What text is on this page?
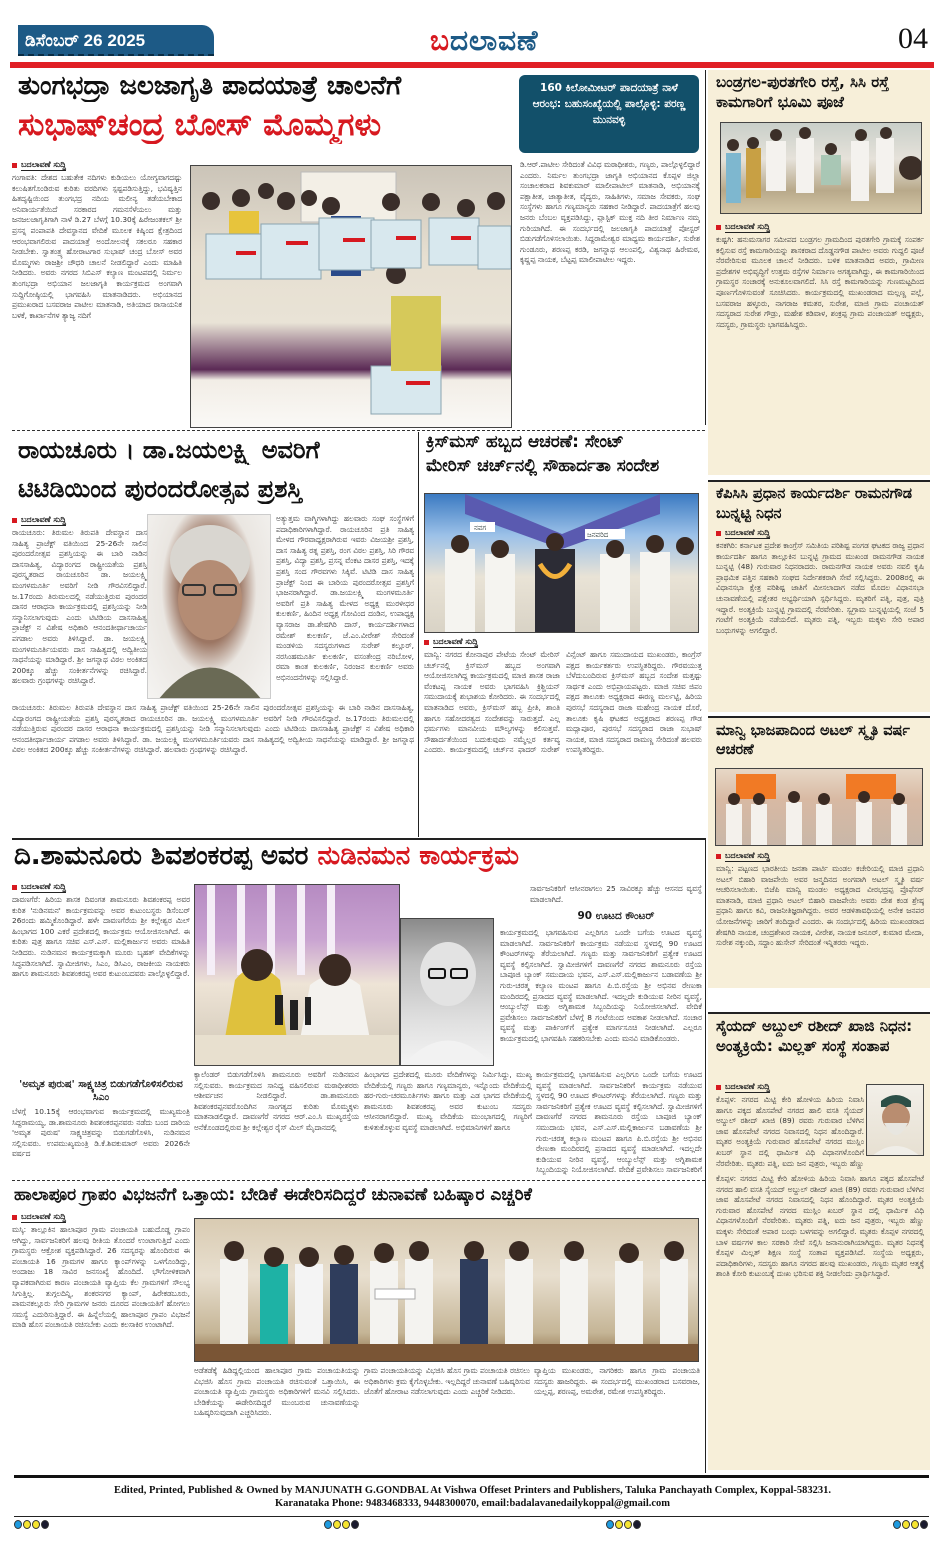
ಡಿಸೆಂಬರ್ 26 2025	ಬದಲಾವಣೆ	04
ತುಂಗಭದ್ರಾ ಜಲಜಾಗೃತಿ ಪಾದಯಾತ್ರೆ ಚಾಲನೆಗೆ
ಸುಭಾಷ್‌ಚಂದ್ರ ಬೋಸ್ ಮೊಮ್ಮಗಳು
160 ಕಿಲೋಮೀಟರ್ ಪಾದಯಾತ್ರೆ ನಾಳೆ ಆರಂಭ: ಬಹುಸಂಖ್ಯೆಯಲ್ಲಿ ಪಾಲ್ಗೊಳ್ಳಿ: ಪರಣ್ಣ ಮುನವಳ್ಳಿ
ಬದಲಾವಣೆ ಸುದ್ದಿ
ಗಂಗಾವತಿ: ದೇಶದ ಬಹುತೇಕ ನದಿಗಳು ಕುಡಿಯಲು ಯೋಗ್ಯವಾಗದಷ್ಟು ಕಲುಷಿತಗೊಂಡಿರುವ ಕುರಿತು ವರದಿಗಳು ಸ್ಪಷ್ಟಪಡಿಸುತ್ತಿದ್ದು, ಭವಿಷ್ಯತ್ತಿನ ಹಿತದೃಷ್ಟಿಯಿಂದ ತುಂಗಭದ್ರ ನದಿಯ ಮಲೀನ್ಯ ತಡೆಯಬೇಕಾದ ಅನಿವಾರ್ಯತೆಯಿದೆ ಸರಕಾರದ ಗಮನಸೆಳೆಯಲು ಮತ್ತು ಜನಜಲಜಾಗೃತಿಗಾಗಿ ನಾಳೆ ಡಿ.27 ಬೆಳಗ್ಗೆ 10.30ಕ್ಕೆ ಹಿರೇಜಂತಕಲ್ ಶ್ರೀ ಪ್ರಸನ್ನ ಪಂಪಾಪತಿ ದೇವಸ್ಥಾನದ ವೇದಿಕೆ ಮೂಲಕ ಕಿಷ್ಕಿಂದ ಕ್ಷೇತ್ರದಿಂದ ಆರಂಭವಾಗಲಿರುವ ಪಾದಯಾತ್ರೆ ಅಂದೋಲನಕ್ಕೆ ಸಕಲರೂ ಸಹಕಾರ ನೀಡಬೇಕು. ಸ್ವಾತಂತ್ರ್ಯ ಹೋರಾಟಗಾರ ಸುಭಾಷ್ ಚಂದ್ರ ಬೋಸ್ ಅವರ ಮೊಮ್ಮಗಳು ರಾಜಶ್ರೀ ಚೌಧರಿ ಚಾಲನೆ ನೀಡಲಿದ್ದಾರೆ ಎಂದು ಮಾಹಿತಿ ನೀಡಿದರು. ಅವರು ನಗರದ ಸಿಬಿಎಸ್ ಕಲ್ಯಾಣ ಮಂಟಪದಲ್ಲಿ ನಿರ್ಮಲ ತುಂಗಭದ್ರಾ ಅಭಿಯಾನ ಜಲಜಾಗೃತಿ ಕಾರ್ಯಕ್ರಮದ ಅಂಗವಾಗಿ ಸುದ್ದಿಗೋಷ್ಠಿಯಲ್ಲಿ ಭಾಗವಹಿಸಿ ಮಾತನಾಡಿದರು. ಅಭಿಯಾನದ ಪ್ರಮುಖರಾದ ಬಸವರಾಜ ಪಾಟೀಲ ಮಾತನಾಡಿ, ಅತಿಯಾದ ರಾಸಾಯನಿಕ ಬಳಕೆ, ಕಾರ್ಖಾನೆಗಳ ತ್ಯಾಜ್ಯ ನದಿಗೆ
ಡಿ.ಆರ್.ಪಾಟೀಲ ಸೇರಿದಂತೆ ವಿವಿಧ ಮಠಾಧೀಶರು, ಗಣ್ಯರು, ಪಾಲ್ಗೊಳ್ಳಲಿದ್ದಾರೆ ಎಂದರು. ನಿರ್ಮಲ ತುಂಗಭದ್ರಾ ಜಾಗೃತಿ ಅಭಿಯಾನದ ಕೊಪ್ಪಳ ಜಿಲ್ಲಾ ಸಂಚಾಲಕರಾದ ಶಿವಕುಮಾರ್ ಮಾಲೀಪಾಟೀಲ್ ಮಾತನಾಡಿ, ಅಭಿಯಾನಕ್ಕೆ ಪಕ್ಷಾತೀತ, ಜಾತ್ಯಾತೀತ, ವೈದ್ಯರು, ಸಾಹಿತಿಗಳು, ಸಮಾಜ ಸೇವಕರು, ಸಂಘ ಸಂಸ್ಥೆಗಳು ಹಾಗೂ ಗಣ್ಯಮಾನ್ಯರು ಸಹಕಾರ ನೀಡಿದ್ದಾರೆ. ಪಾದಯಾತ್ರೆಗೆ ಹಲವು ಜನರು ಬೆಂಬಲ ವ್ಯಕ್ತಪಡಿಸಿದ್ದು, ಪ್ಲಾಸ್ಟಿಕ್ ಮುಕ್ತ ನದಿ ತೀರ ನಿರ್ಮಾಣ ನಮ್ಮ ಗುರಿಯಾಗಿದೆ. ಈ ಸಂದರ್ಭದಲ್ಲಿ ಜಲಜಾಗೃತಿ ಪಾದಯಾತ್ರೆ ಪೋಸ್ಟರ್ ಬಿಡುಗಡೆಗೊಳಿಸಲಾಯಿತು. ಸಿದ್ದರಾಮೇಶ್ವರ ಮಾಧ್ಯಮ ಕಾರ್ಯದರ್ಶಿ, ಸುರೇಶ ಗುಂಡೂರು, ಶರಣಪ್ಪ ಕರಡಿ, ಜಗನ್ನಾಥ ಆಲಂಪಲ್ಲಿ, ವಿಶ್ವನಾಥ ಹಿರೇಮಠ, ಕೃಷ್ಣಪ್ಪ ನಾಯಕ, ಬೆಟ್ಟಪ್ಪ ಮಾಲೀಪಾಟೀಲ ಇದ್ದರು.
ಬಂಡ್ರಗಲ-ಪುರತಗೇರಿ ರಸ್ತೆ, ಸಿಸಿ ರಸ್ತೆ ಕಾಮಗಾರಿಗೆ ಭೂಮಿ ಪೂಜೆ
ಬದಲಾವಣೆ ಸುದ್ದಿ
ಕುಷ್ಟಗಿ: ಹನುಮಸಾಗರ ಸಮೀಪದ ಬಂಡ್ರಗಲ ಗ್ರಾಮದಿಂದ ಪುರತಗೇರಿ ಗ್ರಾಮಕ್ಕೆ ಸಂಪರ್ಕ ಕಲ್ಪಿಸುವ ರಸ್ತೆ ಕಾಮಗಾರಿಯನ್ನು ಶಾಸಕರಾದ ದೊಡ್ಡನಗೌಡ ಪಾಟೀಲ ಅವರು ಗುದ್ದಲಿ ಪೂಜೆ ನೆರವೇರಿಸುವ ಮೂಲಕ ಚಾಲನೆ ನೀಡಿದರು. ಬಳಿಕ ಮಾತನಾಡಿದ ಅವರು, ಗ್ರಾಮೀಣ ಪ್ರದೇಶಗಳ ಅಭಿವೃದ್ಧಿಗೆ ಉತ್ತಮ ರಸ್ತೆಗಳ ನಿರ್ಮಾಣ ಅಗತ್ಯವಾಗಿದ್ದು, ಈ ಕಾಮಗಾರಿಯಿಂದ ಗ್ರಾಮಸ್ಥರ ಸಂಚಾರಕ್ಕೆ ಅನುಕೂಲವಾಗಲಿದೆ. ಸಿಸಿ ರಸ್ತೆ ಕಾಮಗಾರಿಯನ್ನು ಗುಣಮಟ್ಟದಿಂದ ಪೂರ್ಣಗೊಳಿಸುವಂತೆ ಸೂಚಿಸಿದರು. ಕಾರ್ಯಕ್ರಮದಲ್ಲಿ ಮುಖಂಡರಾದ ಮಲ್ಲಣ್ಣ ಪಲ್ಲೆ, ಬಸವರಾಜ ಹಳ್ಳೂರು, ನಾಗರಾಜ ಕಮತರ, ಸುರೇಶ, ಮಾಜಿ ಗ್ರಾಮ ಪಂಚಾಯತ್ ಸದಸ್ಯರಾದ ಸುರೇಶ ಗೌಡ್ರು, ಮಹೇಶ ಕಡಿವಾಳ, ಶಂಕ್ರಪ್ಪ ಗ್ರಾಮ ಪಂಚಾಯತ್ ಅಧ್ಯಕ್ಷರು, ಸದಸ್ಯರು, ಗ್ರಾಮಸ್ಥರು ಭಾಗವಹಿಸಿದ್ದರು.
ರಾಯಚೂರು । ಡಾ.ಜಯಲಕ್ಷ್ಮಿ ಅವರಿಗೆ
ಟಿಟಿಡಿಯಿಂದ ಪುರಂದರೋತ್ಸವ ಪ್ರಶಸ್ತಿ
ಬದಲಾವಣೆ ಸುದ್ದಿ
ರಾಯಚೂರು: ತಿರುಮಲ ತಿರುಪತಿ ದೇವಸ್ಥಾನ ದಾಸ ಸಾಹಿತ್ಯ ಪ್ರಾಜೆಕ್ಟ್ ವತಿಯಿಂದ 25-26ನೇ ಸಾಲಿನ ಪುರಂದರೋತ್ಸವ ಪ್ರಶಸ್ತಿಯನ್ನು ಈ ಬಾರಿ ನಾಡಿನ ದಾಸಸಾಹಿತ್ಯ, ವಿದ್ಯಾರಂಗದ ರಾಷ್ಟ್ರೀಯತೆಯ ಪ್ರಶಸ್ತಿ ಪುರಸ್ಕೃತರಾದ ರಾಯಚೂರಿನ ಡಾ. ಜಯಲಕ್ಷ್ಮಿ ಮಂಗಳಮೂರ್ತಿ ಅವರಿಗೆ ನೀಡಿ ಗೌರವಿಸಲಿದ್ದಾರೆ. ಜ.17ರಂದು ತಿರುಮಲದಲ್ಲಿ ನಡೆಯುತ್ತಿರುವ ಪುರಂದರ ದಾಸರ ಆರಾಧನಾ ಕಾರ್ಯಕ್ರಮದಲ್ಲಿ ಪ್ರಶಸ್ತಿಯನ್ನು ನೀಡಿ ಸನ್ಮಾನಿಸಲಾಗುವುದು ಎಂದು ಟಿಟಿಡಿಯ ದಾಸಸಾಹಿತ್ಯ ಪ್ರಾಜೆಕ್ಟ್ ನ ವಿಶೇಷ ಅಧಿಕಾರಿ ಆನಂದತೀರ್ಥಾಚಾರ್ಯ ಪಗಡಾಲ ಅವರು ತಿಳಿಸಿದ್ದಾರೆ. ಡಾ. ಜಯಲಕ್ಷ್ಮಿ ಮಂಗಳಮೂರ್ತಿಯವರು ದಾಸ ಸಾಹಿತ್ಯದಲ್ಲಿ ಅದ್ವಿತೀಯ ಸಾಧನೆಯನ್ನು ಮಾಡಿದ್ದಾರೆ. ಶ್ರೀ ಜಗನ್ನಾಥ ವಿಠಲ ಅಂಕಿತದ 200ಕ್ಕೂ ಹೆಚ್ಚು ಸಂಕೀರ್ತನೆಗಳನ್ನು ರಚಿಸಿದ್ದಾರೆ. ಹಲವಾರು ಗ್ರಂಥಗಳನ್ನು ರಚಿಸಿದ್ದಾರೆ.
ಅತ್ಯುತ್ತಮ ವಾಗ್ಮಿಗಳಾಗಿದ್ದು ಹಲವಾರು ಸಂಘ ಸಂಸ್ಥೆಗಳಿಗೆ ಪದಾಧಿಕಾರಿಗಳಾಗಿದ್ದಾರೆ. ರಾಯಚೂರಿನ ಪ್ರತಿ ಸಾಹಿತ್ಯ ಮೇಳದ ಗೌರವಾಧ್ಯಕ್ಷರಾಗಿರುವ ಇವರು ವಿಜಯಶ್ರೀ ಪ್ರಶಸ್ತಿ, ದಾಸ ಸಾಹಿತ್ಯ ರತ್ನ ಪ್ರಶಸ್ತಿ, ರಂಗ ವಿಠಲ ಪ್ರಶಸ್ತಿ, ಸಿರಿ ಗೌರವ ಪ್ರಶಸ್ತಿ, ವಿದ್ಯಾ ಪ್ರಶಸ್ತಿ, ಪ್ರಸನ್ನ ವೆಂಕಟ ದಾಸರ ಪ್ರಶಸ್ತಿ, ಇದಕ್ಕೆ ಪ್ರಶಸ್ತಿ ಸಂದ ಗೌರವಗಳು ಸಿಕ್ಕಿವೆ. ಟಿಟಿಡಿ ದಾಸ ಸಾಹಿತ್ಯ ಪ್ರಾಜೆಕ್ಟ್ ನಿಂದ ಈ ಬಾರಿಯ ಪುರಂದರೋತ್ಸವ ಪ್ರಶಸ್ತಿಗೆ ಭಾಜನರಾಗಿದ್ದಾರೆ. ಡಾ.ಜಯಲಕ್ಷ್ಮಿ ಮಂಗಳಮೂರ್ತಿ ಅವರಿಗೆ ಪ್ರತಿ ಸಾಹಿತ್ಯ ಮೇಳದ ಅಧ್ಯಕ್ಷ ಮುರಳೀಧರ ಕುಲಕರ್ಣಿ, ಹಿಂದಿನ ಅಧ್ಯಕ್ಷ ಗೋವಿಂದ ದಂಡಿನ, ಉಪಾಧ್ಯಕ್ಷ ವ್ಯಾಸರಾಜ ಡಾ.ಶೇಷಗಿರಿ ದಾಸ್, ಕಾರ್ಯದರ್ಶಿಗಳಾದ ರಮೇಶ್ ಕುಲಕರ್ಣಿ, ಜೆ.ಎಂ.ವೀರೇಶ್ ಸೇರಿದಂತೆ ಮಂಡಳಿಯ ಸದಸ್ಯರುಗಳಾದ ಸುರೇಶ್ ಕಲ್ಲೂರ್, ನರಸಿಂಹಮೂರ್ತಿ ಕುಲಕರ್ಣಿ, ವಸಂತೇಂದ್ರ ನರಿಬೋಳ, ರಮಾ ಕಾಂತ ಕುಲಕರ್ಣಿ, ನಿರಂಜನ ಕುಲಕರ್ಣಿ ಅವರು ಅಭಿನಂದನೆಗಳನ್ನು ಸಲ್ಲಿಸಿದ್ದಾರೆ.
ರಾಯಚೂರು: ತಿರುಮಲ ತಿರುಪತಿ ದೇವಸ್ಥಾನ ದಾಸ ಸಾಹಿತ್ಯ ಪ್ರಾಜೆಕ್ಟ್ ವತಿಯಿಂದ 25-26ನೇ ಸಾಲಿನ ಪುರಂದರೋತ್ಸವ ಪ್ರಶಸ್ತಿಯನ್ನು ಈ ಬಾರಿ ನಾಡಿನ ದಾಸಸಾಹಿತ್ಯ, ವಿದ್ಯಾರಂಗದ ರಾಷ್ಟ್ರೀಯತೆಯ ಪ್ರಶಸ್ತಿ ಪುರಸ್ಕೃತರಾದ ರಾಯಚೂರಿನ ಡಾ. ಜಯಲಕ್ಷ್ಮಿ ಮಂಗಳಮೂರ್ತಿ ಅವರಿಗೆ ನೀಡಿ ಗೌರವಿಸಲಿದ್ದಾರೆ. ಜ.17ರಂದು ತಿರುಮಲದಲ್ಲಿ ನಡೆಯುತ್ತಿರುವ ಪುರಂದರ ದಾಸರ ಆರಾಧನಾ ಕಾರ್ಯಕ್ರಮದಲ್ಲಿ ಪ್ರಶಸ್ತಿಯನ್ನು ನೀಡಿ ಸನ್ಮಾನಿಸಲಾಗುವುದು ಎಂದು ಟಿಟಿಡಿಯ ದಾಸಸಾಹಿತ್ಯ ಪ್ರಾಜೆಕ್ಟ್ ನ ವಿಶೇಷ ಅಧಿಕಾರಿ ಆನಂದತೀರ್ಥಾಚಾರ್ಯ ಪಗಡಾಲ ಅವರು ತಿಳಿಸಿದ್ದಾರೆ. ಡಾ. ಜಯಲಕ್ಷ್ಮಿ ಮಂಗಳಮೂರ್ತಿಯವರು ದಾಸ ಸಾಹಿತ್ಯದಲ್ಲಿ ಅದ್ವಿತೀಯ ಸಾಧನೆಯನ್ನು ಮಾಡಿದ್ದಾರೆ. ಶ್ರೀ ಜಗನ್ನಾಥ ವಿಠಲ ಅಂಕಿತದ 200ಕ್ಕೂ ಹೆಚ್ಚು ಸಂಕೀರ್ತನೆಗಳನ್ನು ರಚಿಸಿದ್ದಾರೆ. ಹಲವಾರು ಗ್ರಂಥಗಳನ್ನು ರಚಿಸಿದ್ದಾರೆ.
ಕ್ರಿಸ್‌ಮಸ್ ಹಬ್ಬದ ಆಚರಣೆ: ಸೇಂಟ್
ಮೇರಿಸ್ ಚರ್ಚ್‌ನಲ್ಲಿ ಸೌಹಾರ್ದತಾ ಸಂದೇಶ
ನವಗ
ಜನವರಿದ
ಬದಲಾವಣೆ ಸುದ್ದಿ
ಮಾನ್ವಿ: ನಗರದ ಕೋನಾಪುರ ಪೇಟೆಯ ಸೇಂಟ್ ಮೇರಿಸ್ ಚರ್ಚ್‌ನಲ್ಲಿ ಕ್ರಿಸ್‌ಮಸ್ ಹಬ್ಬದ ಅಂಗವಾಗಿ ಆಯೋಜಿಸಲಾಗಿದ್ದ ಕಾರ್ಯಕ್ರಮದಲ್ಲಿ ಮಾಜಿ ಶಾಸಕ ರಾಜಾ ವೆಂಕಟಪ್ಪ ನಾಯಕ ಅವರು ಭಾಗವಹಿಸಿ ಕ್ರಿಶ್ಚಿಯನ್ ಸಮುದಾಯಕ್ಕೆ ಶುಭಾಶಯ ಕೋರಿದರು. ಈ ಸಂದರ್ಭದಲ್ಲಿ ಮಾತನಾಡಿದ ಅವರು, ಕ್ರಿಸ್‌ಮಸ್ ಹಬ್ಬ ಪ್ರೀತಿ, ಶಾಂತಿ ಹಾಗೂ ಸಹೋದರತ್ವದ ಸಂದೇಶವನ್ನು ಸಾರುತ್ತದೆ. ಎಲ್ಲ ಧರ್ಮಗಳು ಮಾನವೀಯ ಮೌಲ್ಯಗಳನ್ನು ಕಲಿಸುತ್ತವೆ. ಸೌಹಾರ್ದತೆಯಿಂದ ಬದುಕುವುದು ನಮ್ಮೆಲ್ಲರ ಕರ್ತವ್ಯ ಎಂದರು. ಕಾರ್ಯಕ್ರಮದಲ್ಲಿ ಚರ್ಚ್‌ನ ಫಾದರ್ ಸುರೇಶ್ ವಿನ್ಸೆಂಟ್ ಹಾಗೂ ಸಮುದಾಯದ ಮುಖಂಡರು, ಕಾಂಗ್ರೆಸ್ ಪಕ್ಷದ ಕಾರ್ಯಕರ್ತರು ಉಪಸ್ಥಿತರಿದ್ದರು. ಗೌರವಯುತ್ತ ಬೆಳೆದುಬಂದಿರುವ ಕ್ರಿಸ್‌ಮಸ್ ಹಬ್ಬದ ಸಂದೇಶ ಮತ್ತಷ್ಟು ಸಾರ್ಥಕ ಎಂದು ಅಭಿಪ್ರಾಯಪಟ್ಟರು. ಮಾಜಿ ಸಚಿವ ಜಿಪಂ ಪಕ್ಷದ ತಾಲೂಕು ಅಧ್ಯಕ್ಷರಾದ ಈರಣ್ಣ ಮರ್ಲಟ್ಟಿ, ಹಿರಿಯ ಪುರಸಭೆ ಸದಸ್ಯರಾದ ರಾಜಾ ಮಹೇಂದ್ರ ನಾಯಕ ದೊರೆ, ತಾಲೂಕು ಕೃಷಿ ಘಟಕದ ಅಧ್ಯಕ್ಷರಾದ ಶರಣಪ್ಪ ಗೌಡ ಮದ್ಲಾಪೂರ, ಪುರಸಭೆ ಸದಸ್ಯರಾದ ರಾಜಾ ಸುಭಾಷ್ ನಾಯಕ, ಮಾಜಿ ಸದಸ್ಯರಾದ ರಾಮಣ್ಣ ಸೇರಿದಂತೆ ಹಲವರು ಉಪಸ್ಥಿತರಿದ್ದರು.
ಕೆಪಿಸಿಸಿ ಪ್ರಧಾನ ಕಾರ್ಯದರ್ಶಿ ರಾಮನಗೌಡ ಬುನ್ನಟ್ಟಿ ನಿಧನ
ಬದಲಾವಣೆ ಸುದ್ದಿ
ಕನಕಗಿರಿ: ಕರ್ನಾಟಕ ಪ್ರದೇಶ ಕಾಂಗ್ರೆಸ್ ಸಮಿತಿಯ ಪರಿಶಿಷ್ಟ ಪಂಗಡ ಘಟಕದ ರಾಜ್ಯ ಪ್ರಧಾನ ಕಾರ್ಯದರ್ಶಿ ಹಾಗೂ ತಾಲ್ಲೂಕಿನ ಬುನ್ನಟ್ಟಿ ಗ್ರಾಮದ ಮುಖಂಡ ರಾಮನಗೌಡ ನಾಯಕ ಬುನ್ನಟ್ಟಿ (48) ಗುರುವಾರ ನಿಧನರಾದರು. ರಾಮನಗೌಡ ನಾಯಕ ಅವರು ನವಲಿ ಕೃಷಿ ಪ್ರಾಥಮಿಕ ಪತ್ತಿನ ಸಹಕಾರಿ ಸಂಘದ ನಿರ್ದೇಶಕರಾಗಿ ಸೇವೆ ಸಲ್ಲಿಸಿದ್ದರು. 2008ರಲ್ಲಿ ಈ ವಿಧಾನಸಭಾ ಕ್ಷೇತ್ರ ಪರಿಶಿಷ್ಟ ಜಾತಿಗೆ ಮೀಸಲಾದಾಗ ನಡೆದ ಮೊದಲ ವಿಧಾನಸಭಾ ಚುನಾವಣೆಯಲ್ಲಿ ಪಕ್ಷೇತರ ಅಭ್ಯರ್ಥಿಯಾಗಿ ಸ್ಪರ್ಧಿಸಿದ್ದರು. ಮೃತರಿಗೆ ಪತ್ನಿ, ಪುತ್ರ, ಪುತ್ರಿ ಇದ್ದಾರೆ. ಅಂತ್ಯಕ್ರಿಯೆ ಬುನ್ನಟ್ಟಿ ಗ್ರಾಮದಲ್ಲಿ ನೆರವೇರಿತು. ಸ್ವಗ್ರಾಮ ಬುನ್ನಟ್ಟಿಯಲ್ಲಿ ಸಂಜೆ 5 ಗಂಟೆಗೆ ಅಂತ್ಯಕ್ರಿಯೆ ನಡೆಯಲಿದೆ. ಮೃತರು ಪತ್ನಿ, ಇಬ್ಬರು ಮಕ್ಕಳು ಸೇರಿ ಅಪಾರ ಬಂಧುಗಳನ್ನು ಅಗಲಿದ್ದಾರೆ.
ಮಾನ್ವಿ ಭಾಜಪಾದಿಂದ ಅಟಲ್ ಸ್ಮೃತಿ ವರ್ಷ ಆಚರಣೆ
ಬದಲಾವಣೆ ಸುದ್ದಿ
ಮಾನ್ವಿ: ಪಟ್ಟಣದ ಭಾರತೀಯ ಜನತಾ ಪಾರ್ಟಿ ಮಂಡಲ ಕಚೇರಿಯಲ್ಲಿ ಮಾಜಿ ಪ್ರಧಾನಿ ಅಟಲ್ ಬಿಹಾರಿ ವಾಜಪೇಯಿ ಅವರ ಜನ್ಮದಿನದ ಅಂಗವಾಗಿ ಅಟಲ್ ಸ್ಮೃತಿ ವರ್ಷ ಆಚರಿಸಲಾಯಿತು. ಬಿಜೆಪಿ ಮಾನ್ವಿ ಮಂಡಲ ಅಧ್ಯಕ್ಷರಾದ ವೀರಭದ್ರಪ್ಪ ಪ್ರೊಫೆಸರ್ ಮಾತನಾಡಿ, ಮಾಜಿ ಪ್ರಧಾನಿ ಅಟಲ್ ಬಿಹಾರಿ ವಾಜಪೇಯಿ ಅವರು ದೇಶ ಕಂಡ ಶ್ರೇಷ್ಠ ಪ್ರಧಾನಿ ಹಾಗೂ ಕವಿ, ರಾಜನೀತಿಜ್ಞರಾಗಿದ್ದರು. ಅವರ ಆಡಳಿತಾವಧಿಯಲ್ಲಿ ಅನೇಕ ಜನಪರ ಯೋಜನೆಗಳನ್ನು ಜಾರಿಗೆ ತಂದಿದ್ದಾರೆ ಎಂದರು. ಈ ಸಂದರ್ಭದಲ್ಲಿ ಹಿರಿಯ ಮುಖಂಡರಾದ ಶೇಷಗಿರಿ ನಾಯಕ, ಚಂದ್ರಶೇಖರ ನಾಯಕ, ವೀರೇಶ, ನಾಯಕ ಜನೂರ್, ಕುಮಾರ ಮೇದಾ, ಸುರೇಶ ನಕ್ಕುಂದಿ, ಸದ್ದಾಂ ಹುಸೇನ್ ಸೇರಿದಂತೆ ಇನ್ನಿತರರು ಇದ್ದರು.
ದಿ.ಶಾಮನೂರು ಶಿವಶಂಕರಪ್ಪ ಅವರ ನುಡಿನಮನ ಕಾರ್ಯಕ್ರಮ
ಬದಲಾವಣೆ ಸುದ್ದಿ
ದಾವಣಗೆರೆ: ಹಿರಿಯ ಶಾಸಕ ದಿವಂಗತ ಶಾಮನೂರು ಶಿವಶಂಕರಪ್ಪ ಅವರ ಕುರಿತ 'ನುಡಿನಮನ' ಕಾರ್ಯಕ್ರಮವನ್ನು ಅವರ ಕುಟುಂಬಸ್ಥರು ಡಿಸೆಂಬರ್ 26ರಂದು ಹಮ್ಮಿಕೊಂಡಿದ್ದಾರೆ. ಹಳೇ ದಾವಣಗೆರೆಯ ಶ್ರೀ ಕಲ್ಲೇಶ್ವರ ಮಿಲ್ ಹಿಂಭಾಗದ 100 ಎಕರೆ ಪ್ರದೇಶದಲ್ಲಿ ಕಾರ್ಯಕ್ರಮ ಆಯೋಜಿಸಲಾಗಿದೆ. ಈ ಕುರಿತು ಪುತ್ರ ಹಾಗೂ ಸಚಿವ ಎಸ್.ಎಸ್. ಮಲ್ಲಿಕಾರ್ಜುನ ಅವರು ಮಾಹಿತಿ ನೀಡಿದರು. ನುಡಿನಮನ ಕಾರ್ಯಕ್ರಮಕ್ಕಾಗಿ ಮೂರು ಬೃಹತ್ ವೇದಿಕೆಗಳನ್ನು ಸಿದ್ಧಪಡಿಸಲಾಗಿದೆ. ಸ್ವಾಮೀಜಿಗಳು, ಸಿಎಂ, ಡಿಸಿಎಂ, ರಾಜಕೀಯ ನಾಯಕರು ಹಾಗೂ ಶಾಮನೂರು ಶಿವಶಂಕರಪ್ಪ ಅವರ ಕುಟುಂಬದವರು ಪಾಲ್ಗೊಳ್ಳಲಿದ್ದಾರೆ.
'ಅಮೃತ ಪುರುಷ' ಸಾಕ್ಷ್ಯಚಿತ್ರ ಬಿಡುಗಡೆಗೊಳಿಸಲಿರುವ ಸಿಎಂ
ಬೆಳಗ್ಗೆ 10.15ಕ್ಕೆ ಆರಂಭವಾಗುವ ಕಾರ್ಯಕ್ರಮದಲ್ಲಿ ಮುಖ್ಯಮಂತ್ರಿ ಸಿದ್ದರಾಮಯ್ಯ, ಡಾ.ಶಾಮನೂರು ಶಿವಶಂಕರಪ್ಪನವರು ನಡೆದು ಬಂದ ದಾರಿಯ 'ಅಮೃತ ಪುರುಷ' ಸಾಕ್ಷ್ಯಚಿತ್ರವನ್ನು ಬಿಡುಗಡೆಗೊಳಿಸಿ, ನುಡಿನಮನ ಸಲ್ಲಿಸುವರು. ಉಪಮುಖ್ಯಮಂತ್ರಿ ಡಿ.ಕೆ.ಶಿವಕುಮಾರ್ ಅವರು 2026ನೇ ವರ್ಷದ
ಸಾರ್ವಜನಿಕರಿಗೆ ಆಸೀನರಾಗಲು 25 ಸಾವಿರಕ್ಕೂ ಹೆಚ್ಚು ಆಸನದ ವ್ಯವಸ್ಥೆ ಮಾಡಲಾಗಿದೆ.
90 ಊಟದ ಕೌಂಟರ್
ಕಾರ್ಯಕ್ರಮದಲ್ಲಿ ಭಾಗವಹಿಸುವ ಎಲ್ಲರಿಗೂ ಒಂದೇ ಬಗೆಯ ಊಟದ ವ್ಯವಸ್ಥೆ ಮಾಡಲಾಗಿದೆ. ಸಾರ್ವಜನಿಕರಿಗೆ ಕಾರ್ಯಕ್ರಮ ನಡೆಯುವ ಸ್ಥಳದಲ್ಲಿ 90 ಊಟದ ಕೌಂಟರ್‌ಗಳನ್ನು ತೆರೆಯಲಾಗಿದೆ. ಗಣ್ಯರು ಮತ್ತು ಸಾರ್ವಜನಿಕರಿಗೆ ಪ್ರತ್ಯೇಕ ಊಟದ ವ್ಯವಸ್ಥೆ ಕಲ್ಪಿಸಲಾಗಿದೆ. ಸ್ವಾಮೀಜಿಗಳಿಗೆ ದಾವಣಗೆರೆ ನಗರದ ಶಾಮನೂರು ರಸ್ತೆಯ ಬಾಪೂಜಿ ಬ್ಯಾಂಕ್ ಸಮುದಾಯ ಭವನ, ಎಸ್.ಎಸ್.ಮಲ್ಲಿಕಾರ್ಜುನ ಬಡಾವಣೆಯ ಶ್ರೀ ಗುರು-ಚರತ್ಮ ಕಲ್ಯಾಣ ಮಂಟಪ ಹಾಗೂ ಪಿ.ಬಿ.ರಸ್ತೆಯ ಶ್ರೀ ಅಭಿನವ ರೇಣುಕಾ ಮಂದಿರದಲ್ಲಿ ಪ್ರಸಾದದ ವ್ಯವಸ್ಥೆ ಮಾಡಲಾಗಿದೆ. ಇದಲ್ಲದೇ ಕುಡಿಯುವ ನೀರಿನ ವ್ಯವಸ್ಥೆ, ಆಂಬ್ಯುಲೆನ್ಸ್ ಮತ್ತು ಅಗ್ನಿಶಾಮಕ ಸಿಬ್ಬಂದಿಯನ್ನು ನಿಯೋಜಿಸಲಾಗಿದೆ. ವೇದಿಕೆ ಪ್ರವೇಶಿಸಲು ಸಾರ್ವಜನಿಕರಿಗೆ ಬೆಳಗ್ಗೆ 8 ಗಂಟೆಯಿಂದ ಅವಕಾಶ ನೀಡಲಾಗಿದೆ. ಸಂಚಾರ ವ್ಯವಸ್ಥೆ ಮತ್ತು ಪಾರ್ಕಿಂಗ್‌ಗೆ ಪ್ರತ್ಯೇಕ ಮಾರ್ಗಸೂಚಿ ನೀಡಲಾಗಿದೆ. ಎಲ್ಲರೂ ಕಾರ್ಯಕ್ರಮದಲ್ಲಿ ಭಾಗವಹಿಸಿ ಸಹಕರಿಸಬೇಕು ಎಂದು ಮನವಿ ಮಾಡಿಕೊಂಡರು.
ಕ್ಯಾಲೆಂಡರ್ ಬಿಡುಗಡೆಗೊಳಿಸಿ ಶಾಮನೂರು ಅವರಿಗೆ ನುಡಿನಮನ ಸಲ್ಲಿಸುವರು. ಕಾರ್ಯಕ್ರಮದ ಸಾನಿಧ್ಯ ವಹಿಸಲಿರುವ ಮಠಾಧೀಶರರು ಆಶೀರ್ವಚನ ನೀಡಲಿದ್ದಾರೆ. ಡಾ.ಶಾಮನೂರು ಶಿವಶಂಕರಪ್ಪನವರೊಂದಿಗಿನ ಸಾಂಗತ್ಯದ ಕುರಿತು ಮೊಮ್ಮಕ್ಕಳು ಮಾತನಾಡಲಿದ್ದಾರೆ. ದಾವಣಗೆರೆ ನಗರದ ಆರ್.ಎಂ.ಸಿ ಮುಖ್ಯರಸ್ತೆಯ ಅನೆಕೊಂಡದಲ್ಲಿರುವ ಶ್ರೀ ಕಲ್ಲೇಶ್ವರ ರೈಸ್ ಮಿಲ್ ಮೈದಾನದಲ್ಲಿ
ಹಿಂಭಾಗದ ಪ್ರದೇಶದಲ್ಲಿ ಮೂರು ವೇದಿಕೆಗಳನ್ನು ನಿರ್ಮಿಸಿದ್ದು, ಮುಖ್ಯ ವೇದಿಕೆಯಲ್ಲಿ ಗಣ್ಯರು ಹಾಗೂ ಗಣ್ಯಮಾನ್ಯರು, ಇನ್ನೊಂದು ವೇದಿಕೆಯಲ್ಲಿ ಹರ-ಗುರು-ಚರಮೂರ್ತಿಗಳು ಹಾಗೂ ಮತ್ತು ಎಡ ಭಾಗದ ವೇದಿಕೆಯಲ್ಲಿ ಶಾಮನೂರು ಶಿವಶಂಕರಪ್ಪ ಅವರ ಕುಟುಂಬ ಸದಸ್ಯರು ಆಸೀನರಾಗಲಿದ್ದಾರೆ. ಮುಖ್ಯ ವೇದಿಕೆಯ ಮುಂಭಾಗದಲ್ಲಿ ಗಣ್ಯರಿಗೆ ಕುಳಿತುಕೊಳ್ಳುವ ವ್ಯವಸ್ಥೆ ಮಾಡಲಾಗಿದೆ. ಅಭಿಮಾನಿಗಳಿಗೆ ಹಾಗೂ
ಕಾರ್ಯಕ್ರಮದಲ್ಲಿ ಭಾಗವಹಿಸುವ ಎಲ್ಲರಿಗೂ ಒಂದೇ ಬಗೆಯ ಊಟದ ವ್ಯವಸ್ಥೆ ಮಾಡಲಾಗಿದೆ. ಸಾರ್ವಜನಿಕರಿಗೆ ಕಾರ್ಯಕ್ರಮ ನಡೆಯುವ ಸ್ಥಳದಲ್ಲಿ 90 ಊಟದ ಕೌಂಟರ್‌ಗಳನ್ನು ತೆರೆಯಲಾಗಿದೆ. ಗಣ್ಯರು ಮತ್ತು ಸಾರ್ವಜನಿಕರಿಗೆ ಪ್ರತ್ಯೇಕ ಊಟದ ವ್ಯವಸ್ಥೆ ಕಲ್ಪಿಸಲಾಗಿದೆ. ಸ್ವಾಮೀಜಿಗಳಿಗೆ ದಾವಣಗೆರೆ ನಗರದ ಶಾಮನೂರು ರಸ್ತೆಯ ಬಾಪೂಜಿ ಬ್ಯಾಂಕ್ ಸಮುದಾಯ ಭವನ, ಎಸ್.ಎಸ್.ಮಲ್ಲಿಕಾರ್ಜುನ ಬಡಾವಣೆಯ ಶ್ರೀ ಗುರು-ಚರತ್ಮ ಕಲ್ಯಾಣ ಮಂಟಪ ಹಾಗೂ ಪಿ.ಬಿ.ರಸ್ತೆಯ ಶ್ರೀ ಅಭಿನವ ರೇಣುಕಾ ಮಂದಿರದಲ್ಲಿ ಪ್ರಸಾದದ ವ್ಯವಸ್ಥೆ ಮಾಡಲಾಗಿದೆ. ಇದಲ್ಲದೇ ಕುಡಿಯುವ ನೀರಿನ ವ್ಯವಸ್ಥೆ, ಆಂಬ್ಯುಲೆನ್ಸ್ ಮತ್ತು ಅಗ್ನಿಶಾಮಕ ಸಿಬ್ಬಂದಿಯನ್ನು ನಿಯೋಜಿಸಲಾಗಿದೆ. ವೇದಿಕೆ ಪ್ರವೇಶಿಸಲು ಸಾರ್ವಜನಿಕರಿಗೆ
ಸೈಯದ್ ಅಬ್ದುಲ್ ರಶೀದ್ ಖಾಜಿ ನಿಧನ: ಅಂತ್ಯಕ್ರಿಯೆ: ಮಿಲ್ಲತ್ ಸಂಸ್ಥೆ ಸಂತಾಪ
ಬದಲಾವಣೆ ಸುದ್ದಿ
ಕೊಪ್ಪಳ: ನಗರದ ಮಿಟ್ಟಿ ಕೇರಿ ಹೋಳಿಯ ಹಿರಿಯ ನಿವಾಸಿ ಹಾಗೂ ಪಕ್ಕದ ಹೊಸಪೇಟೆ ನಗರದ ಹಾಲಿ ವಸತಿ ಸೈಯದ್ ಅಬ್ದುಲ್ ರಶೀದ್ ಖಾಜಿ (89) ರವರು ಗುರುವಾರ ಬೆಳಿಗಿನ ಜಾವ ಹೊಸಪೇಟೆ ನಗರದ ನಿವಾಸದಲ್ಲಿ ನಿಧನ ಹೊಂದಿದ್ದಾರೆ. ಮೃತರ ಅಂತ್ಯಕ್ರಿಯೆ ಗುರುವಾರ ಹೊಸಪೇಟೆ ನಗರದ ಮುಸ್ಲಿಂ ಖಬರ್ ಸ್ಥಾನ ದಲ್ಲಿ ಧಾರ್ಮಿಕ ವಿಧಿ ವಿಧಾನಗಳೊಂದಿಗೆ ನೆರವೇರಿತು. ಮೃತರು ಪತ್ನಿ, ಐದು ಜನ ಪುತ್ರರು, ಇಬ್ಬರು ಹೆಣ್ಣು
ಕೊಪ್ಪಳ: ನಗರದ ಮಿಟ್ಟಿ ಕೇರಿ ಹೋಳಿಯ ಹಿರಿಯ ನಿವಾಸಿ ಹಾಗೂ ಪಕ್ಕದ ಹೊಸಪೇಟೆ ನಗರದ ಹಾಲಿ ವಸತಿ ಸೈಯದ್ ಅಬ್ದುಲ್ ರಶೀದ್ ಖಾಜಿ (89) ರವರು ಗುರುವಾರ ಬೆಳಿಗಿನ ಜಾವ ಹೊಸಪೇಟೆ ನಗರದ ನಿವಾಸದಲ್ಲಿ ನಿಧನ ಹೊಂದಿದ್ದಾರೆ. ಮೃತರ ಅಂತ್ಯಕ್ರಿಯೆ ಗುರುವಾರ ಹೊಸಪೇಟೆ ನಗರದ ಮುಸ್ಲಿಂ ಖಬರ್ ಸ್ಥಾನ ದಲ್ಲಿ ಧಾರ್ಮಿಕ ವಿಧಿ ವಿಧಾನಗಳೊಂದಿಗೆ ನೆರವೇರಿತು. ಮೃತರು ಪತ್ನಿ, ಐದು ಜನ ಪುತ್ರರು, ಇಬ್ಬರು ಹೆಣ್ಣು ಮಕ್ಕಳು ಸೇರಿದಂತೆ ಅಪಾರ ಬಂಧು ಬಳಗವನ್ನು ಅಗಲಿದ್ದಾರೆ. ಮೃತರು ಕೊಪ್ಪಳ ನಗರದಲ್ಲಿ ಬಾಳ ವರ್ಷಗಳ ಕಾಲ ಸರಕಾರಿ ಸೇವೆ ಸಲ್ಲಿಸಿ ಜನಾನುರಾಗಿಯಾಗಿದ್ದರು. ಮೃತರ ನಿಧನಕ್ಕೆ ಕೊಪ್ಪಳ ಮಿಲ್ಲತ್ ಶಿಕ್ಷಣ ಸಂಸ್ಥೆ ಸಂತಾಪ ವ್ಯಕ್ತಪಡಿಸಿದೆ. ಸಂಸ್ಥೆಯ ಅಧ್ಯಕ್ಷರು, ಪದಾಧಿಕಾರಿಗಳು, ಸದಸ್ಯರು ಹಾಗೂ ನಗರದ ಹಲವು ಮುಖಂಡರು, ಗಣ್ಯರು ಮೃತರ ಆತ್ಮಕ್ಕೆ ಶಾಂತಿ ಕೋರಿ ಕುಟುಂಬಕ್ಕೆ ದುಃಖ ಭರಿಸುವ ಶಕ್ತಿ ನೀಡಲೆಂದು ಪ್ರಾರ್ಥಿಸಿದ್ದಾರೆ.
ಹಾಲಾಪೂರ ಗ್ರಾಪಂ ವಿಭಜನೆಗೆ ಒತ್ತಾಯ: ಬೇಡಿಕೆ ಈಡೇರಿಸದಿದ್ದರೆ ಚುನಾವಣೆ ಬಹಿಷ್ಕಾರ ಎಚ್ಚರಿಕೆ
ಬದಲಾವಣೆ ಸುದ್ದಿ
ಮಸ್ಕಿ: ತಾಲ್ಲೂಕಿನ ಹಾಲಾಪೂರ ಗ್ರಾಮ ಪಂಚಾಯತಿ ಬಹುದೊಡ್ಡ ಗ್ರಾಪಂ ಆಗಿದ್ದು, ಸಾರ್ವಜನಿಕರಿಗೆ ಹಲವು ರೀತಿಯ ತೊಂದರೆ ಉಂಟಾಗುತ್ತಿದೆ ಎಂದು ಗ್ರಾಮಸ್ಥರು ಆಕ್ರೋಶ ವ್ಯಕ್ತಪಡಿಸಿದ್ದಾರೆ. 26 ಸದಸ್ಯರನ್ನು ಹೊಂದಿರುವ ಈ ಪಂಚಾಯತಿ 16 ಗ್ರಾಮಗಳ ಹಾಗೂ ಕ್ಯಾಂಪ್‌ಗಳನ್ನು ಒಳಗೊಂಡಿದ್ದು, ಅಂದಾಜು 18 ಸಾವಿರ ಜನಸಂಖ್ಯೆ ಹೊಂದಿದೆ. ಭೌಗೋಳಿಕವಾಗಿ ವ್ಯಾಪಕವಾಗಿರುವ ಕಾರಣ ಪಂಚಾಯತಿ ವ್ಯಾಪ್ತಿಯ ಕೆಲ ಗ್ರಾಮಗಳಿಗೆ ಸೌಲಭ್ಯ ಸಿಗುತ್ತಿಲ್ಲ. ತುಗ್ಗಲದಿನ್ನಿ, ಶಂಕರನಗರ ಕ್ಯಾಂಪ್, ಹಿರೇಕಡಬೂರು, ಪಾಮನಕಲ್ಲೂರು ಸೇರಿ ಗ್ರಾಮಗಳ ಜನರು ದೂರದ ಪಂಚಾಯತಿಗೆ ಹೋಗಲು ಸಮಸ್ಯೆ ಎದುರಿಸುತ್ತಿದ್ದಾರೆ. ಈ ಹಿನ್ನೆಲೆಯಲ್ಲಿ ಹಾಲಾಪೂರ ಗ್ರಾಪಂ ವಿಭಜನೆ ಮಾಡಿ ಹೊಸ ಪಂಚಾಯತಿ ರಚಿಸಬೇಕು ಎಂದು ಕಲಸಾಕಿರ ಉಂಟಾಗಿದೆ.
ಅಡೆತಡೆಕ್ಕೆ ಹಿಡಿದ್ದಲ್ಲಿಯಂದ ಹಾಲಾಪೂರ ಗ್ರಾಮ ಪಂಚಾಯತಿಯನ್ನು ವಿಭಜಿಸಿ ಹೊಸ ಗ್ರಾಮ ಪಂಚಾಯತಿ ರಚಿಸುವಂತೆ ಒತ್ತಾಯಿಸಿ, ಈ ಪಂಚಾಯತಿ ವ್ಯಾಪ್ತಿಯ ಗ್ರಾಮಸ್ಥರು ಅಧಿಕಾರಿಗಳಿಗೆ ಮನವಿ ಸಲ್ಲಿಸಿದರು. ಬೇಡಿಕೆಯನ್ನು ಈಡೇರಿಸದಿದ್ದರೆ ಮುಂಬರುವ ಚುನಾವಣೆಯನ್ನು ಬಹಿಷ್ಕರಿಸುವುದಾಗಿ ಎಚ್ಚರಿಸಿದರು.
ಗ್ರಾಮ ಪಂಚಾಯತಿಯನ್ನು ವಿಭಜಿಸಿ ಹೊಸ ಗ್ರಾಮ ಪಂಚಾಯತಿ ರಚಿಸಲು ಅಧಿಕಾರಿಗಳು ಕ್ರಮ ಕೈಗೊಳ್ಳಬೇಕು. ಇಲ್ಲದಿದ್ದರೆ ಚುನಾವಣೆ ಬಹಿಷ್ಕರಿಸುವ ಜೊತೆಗೆ ಹೋರಾಟ ನಡೆಸಲಾಗುವುದು ಎಂದು ಎಚ್ಚರಿಕೆ ನೀಡಿದರು.
ವ್ಯಾಪ್ತಿಯ ಮುಖಂಡರು, ನಾಗರಿಕರು ಹಾಗೂ ಗ್ರಾಮ ಪಂಚಾಯತಿ ಸದಸ್ಯರು ಹಾಜರಿದ್ದರು. ಈ ಸಂದರ್ಭದಲ್ಲಿ ಮುಖಂಡರಾದ ಬಸವರಾಜ, ಯಲ್ಲಪ್ಪ, ಶರಣಪ್ಪ, ಅಮರೇಶ, ರಮೇಶ ಉಪಸ್ಥಿತರಿದ್ದರು.
Edited, Printed, Published & Owned by MANJUNATH G.GONDBAL At Vishwa Offeset Printers and Publishers, Taluka Panchayath Complex, Koppal-583231.
Karanataka Phone: 9483468333, 9448300070, email:badalavanedailykoppal@gmail.com
